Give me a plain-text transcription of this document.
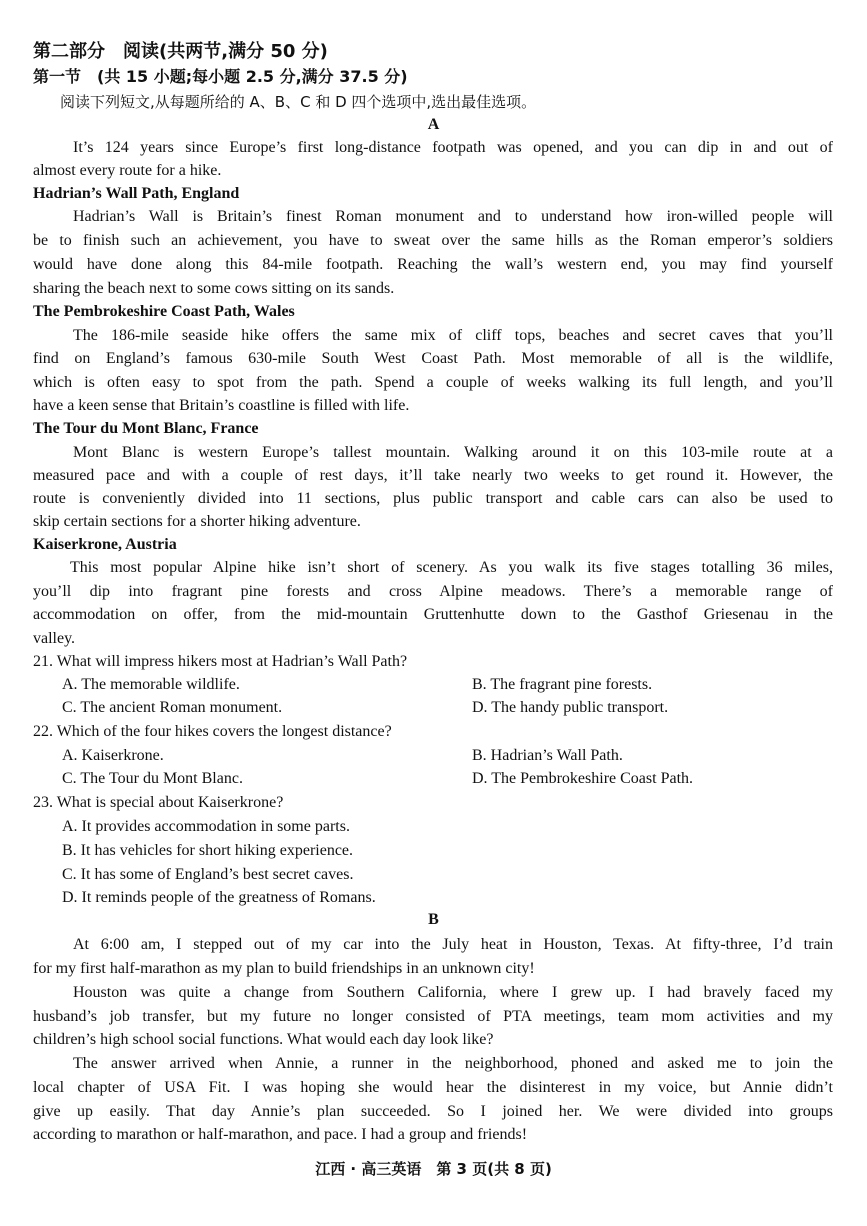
第二部分　阅读(共两节,满分 50 分)
第一节　(共 15 小题;每小题 2.5 分,满分 37.5 分)
阅读下列短文,从每题所给的 A、B、C 和 D 四个选项中,选出最佳选项。
A
It’s 124 years since Europe’s first long-distance footpath was opened, and you can dip in and out of
almost every route for a hike.
Hadrian’s Wall Path, England
Hadrian’s Wall is Britain’s finest Roman monument and to understand how iron-willed people will
be to finish such an achievement, you have to sweat over the same hills as the Roman emperor’s soldiers
would have done along this 84-mile footpath. Reaching the wall’s western end, you may find yourself
sharing the beach next to some cows sitting on its sands.
The Pembrokeshire Coast Path, Wales
The 186-mile seaside hike offers the same mix of cliff tops, beaches and secret caves that you’ll
find on England’s famous 630-mile South West Coast Path. Most memorable of all is the wildlife,
which is often easy to spot from the path. Spend a couple of weeks walking its full length, and you’ll
have a keen sense that Britain’s coastline is filled with life.
The Tour du Mont Blanc, France
Mont Blanc is western Europe’s tallest mountain. Walking around it on this 103-mile route at a
measured pace and with a couple of rest days, it’ll take nearly two weeks to get round it. However, the
route is conveniently divided into 11 sections, plus public transport and cable cars can also be used to
skip certain sections for a shorter hiking adventure.
Kaiserkrone, Austria
This most popular Alpine hike isn’t short of scenery. As you walk its five stages totalling 36 miles,
you’ll dip into fragrant pine forests and cross Alpine meadows. There’s a memorable range of
accommodation on offer, from the mid-mountain Gruttenhutte down to the Gasthof Griesenau in the
valley.
21. What will impress hikers most at Hadrian’s Wall Path?
A. The memorable wildlife.	B. The fragrant pine forests.
C. The ancient Roman monument.	D. The handy public transport.
22. Which of the four hikes covers the longest distance?
A. Kaiserkrone.	B. Hadrian’s Wall Path.
C. The Tour du Mont Blanc.	D. The Pembrokeshire Coast Path.
23. What is special about Kaiserkrone?
A. It provides accommodation in some parts.
B. It has vehicles for short hiking experience.
C. It has some of England’s best secret caves.
D. It reminds people of the greatness of Romans.
B
At 6:00 am, I stepped out of my car into the July heat in Houston, Texas. At fifty-three, I’d train
for my first half-marathon as my plan to build friendships in an unknown city!
Houston was quite a change from Southern California, where I grew up. I had bravely faced my
husband’s job transfer, but my future no longer consisted of PTA meetings, team mom activities and my
children’s high school social functions. What would each day look like?
The answer arrived when Annie, a runner in the neighborhood, phoned and asked me to join the
local chapter of USA Fit. I was hoping she would hear the disinterest in my voice, but Annie didn’t
give up easily. That day Annie’s plan succeeded. So I joined her. We were divided into groups
according to marathon or half-marathon, and pace. I had a group and friends!
江西 · 高三英语　第 3 页(共 8 页)
